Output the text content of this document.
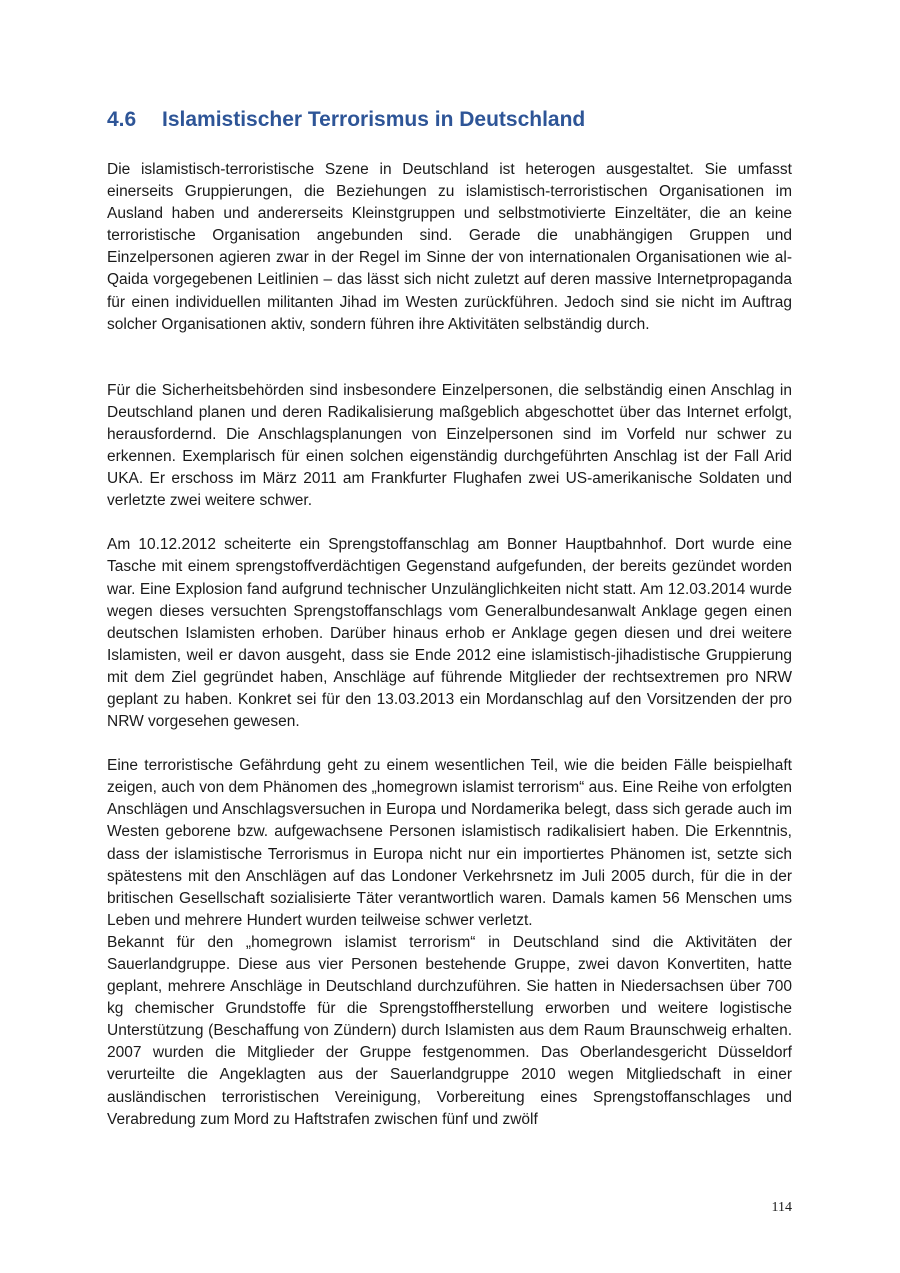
4.6 Islamistischer Terrorismus in Deutschland

Die islamistisch-terroristische Szene in Deutschland ist heterogen ausgestaltet. Sie umfasst einerseits Gruppierungen, die Beziehungen zu islamistisch-terroristischen Organisationen im Ausland haben und andererseits Kleinstgruppen und selbstmotivierte Einzeltäter, die an keine terroristische Organisation angebunden sind. Gerade die unabhängigen Gruppen und Einzelpersonen agieren zwar in der Regel im Sinne der von internationalen Organisationen wie al-Qaida vorgegebenen Leitlinien – das lässt sich nicht zuletzt auf deren massive Internetpropaganda für einen individuellen militanten Jihad im Westen zurückführen. Jedoch sind sie nicht im Auftrag solcher Organisationen aktiv, sondern führen ihre Aktivitäten selbständig durch.

Für die Sicherheitsbehörden sind insbesondere Einzelpersonen, die selbständig einen Anschlag in Deutschland planen und deren Radikalisierung maßgeblich abgeschottet über das Internet erfolgt, herausfordernd. Die Anschlagsplanungen von Einzelpersonen sind im Vorfeld nur schwer zu erkennen. Exemplarisch für einen solchen eigenständig durchgeführten Anschlag ist der Fall Arid UKA. Er erschoss im März 2011 am Frankfurter Flughafen zwei US-amerikanische Soldaten und verletzte zwei weitere schwer.

Am 10.12.2012 scheiterte ein Sprengstoffanschlag am Bonner Hauptbahnhof. Dort wurde eine Tasche mit einem sprengstoffverdächtigen Gegenstand aufgefunden, der bereits gezündet worden war. Eine Explosion fand aufgrund technischer Unzulänglichkeiten nicht statt. Am 12.03.2014 wurde wegen dieses versuchten Sprengstoffanschlags vom Generalbundesanwalt Anklage gegen einen deutschen Islamisten erhoben. Darüber hinaus erhob er Anklage gegen diesen und drei weitere Islamisten, weil er davon ausgeht, dass sie Ende 2012 eine islamistisch-jihadistische Gruppierung mit dem Ziel gegründet haben, Anschläge auf führende Mitglieder der rechtsextremen pro NRW geplant zu haben. Konkret sei für den 13.03.2013 ein Mordanschlag auf den Vorsitzenden der pro NRW vorgesehen gewesen.

Eine terroristische Gefährdung geht zu einem wesentlichen Teil, wie die beiden Fälle beispielhaft zeigen, auch von dem Phänomen des „homegrown islamist terrorism“ aus. Eine Reihe von erfolgten Anschlägen und Anschlagsversuchen in Europa und Nordamerika belegt, dass sich gerade auch im Westen geborene bzw. aufgewachsene Personen islamistisch radikalisiert haben. Die Erkenntnis, dass der islamistische Terrorismus in Europa nicht nur ein importiertes Phänomen ist, setzte sich spätestens mit den Anschlägen auf das Londoner Verkehrsnetz im Juli 2005 durch, für die in der britischen Gesellschaft sozialisierte Täter verantwortlich waren. Damals kamen 56 Menschen ums Leben und mehrere Hundert wurden teilweise schwer verletzt.

Bekannt für den „homegrown islamist terrorism“ in Deutschland sind die Aktivitäten der Sauerlandgruppe. Diese aus vier Personen bestehende Gruppe, zwei davon Konvertiten, hatte geplant, mehrere Anschläge in Deutschland durchzuführen. Sie hatten in Niedersachsen über 700 kg chemischer Grundstoffe für die Sprengstoffherstellung erworben und weitere logistische Unterstützung (Beschaffung von Zündern) durch Islamisten aus dem Raum Braunschweig erhalten. 2007 wurden die Mitglieder der Gruppe festgenommen. Das Oberlandesgericht Düsseldorf verurteilte die Angeklagten aus der Sauerlandgruppe 2010 wegen Mitgliedschaft in einer ausländischen terroristischen Vereinigung, Vorbereitung eines Sprengstoffanschlages und Verabredung zum Mord zu Haftstrafen zwischen fünf und zwölf

114
